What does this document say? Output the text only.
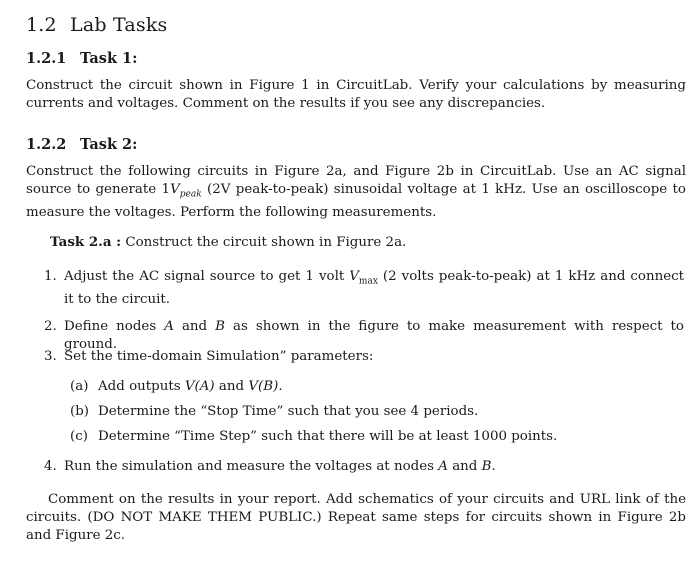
1.2 Lab Tasks
1.2.1 Task 1:

Construct the circuit shown in Figure 1 in CircuitLab. Verify your calculations by measuring currents and voltages. Comment on the results if you see any discrepancies.

1.2.2 Task 2:

Construct the following circuits in Figure 2a, and Figure 2b in CircuitLab. Use an AC signal source to generate $1V_{peak}$ (2V peak-to-peak) sinusoidal voltage at 1 kHz. Use an oscilloscope to measure the voltages. Perform the following measurements.

Task 2.a : Construct the circuit shown in Figure 2a.
1. Adjust the AC signal source to get 1 volt $V_{max}$ (2 volts peak-to-peak) at 1 kHz and connect it to the circuit.
2. Define nodes A and B as shown in the figure to make measurement with respect to ground.
3. Set the time-domain Simulation” parameters:
(a) Add outputs V(A) and V(B).
(b) Determine the “Stop Time” such that you see 4 periods.
(c) Determine “Time Step” such that there will be at least 1000 points.
4. Run the simulation and measure the voltages at nodes A and B.

Comment on the results in your report. Add schematics of your circuits and URL link of the circuits. (DO NOT MAKE THEM PUBLIC.) Repeat same steps for circuits shown in Figure 2b and Figure 2c.
